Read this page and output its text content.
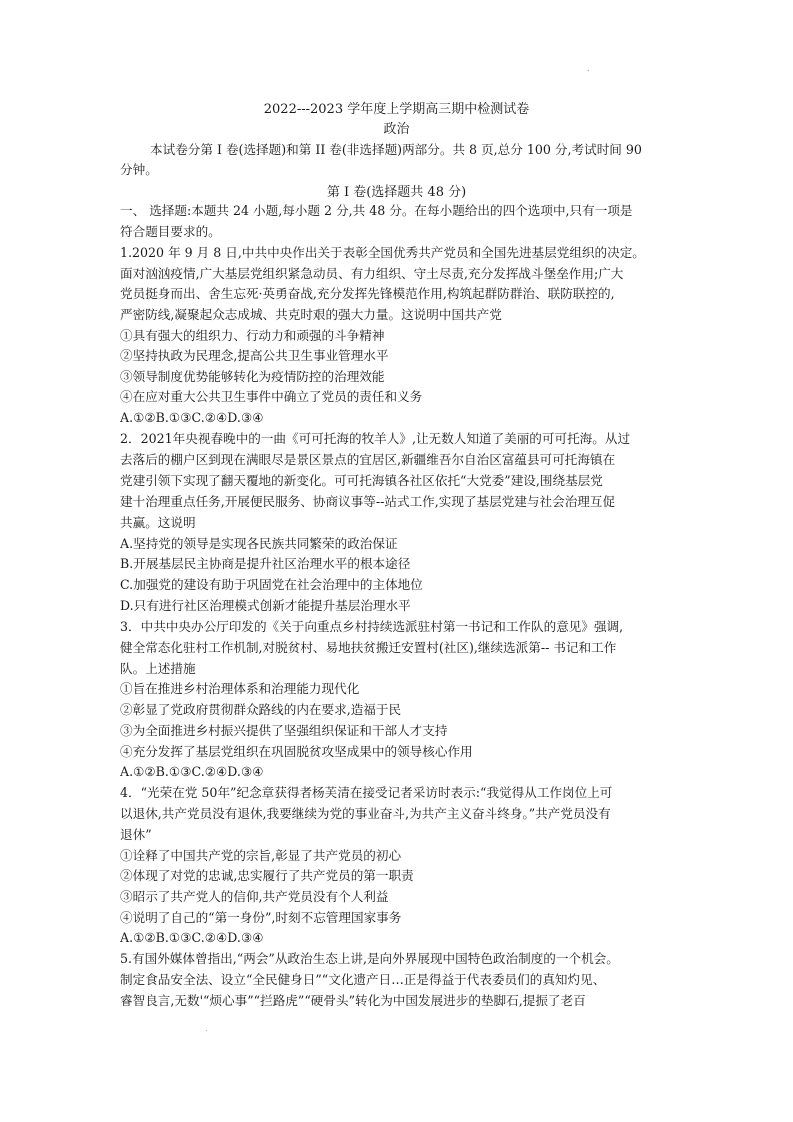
.
2022---2023 学年度上学期高三期中检测试卷
政治
本试卷分第 I 卷(选择题)和第 II 卷(非选择题)两部分。共 8 页,总分 100 分,考试时间 90
分钟。
第 I 卷(选择题共 48 分)
一、 选择题:本题共 24 小题,每小题 2 分,共 48 分。在每小题给出的四个选项中,只有一项是
符合题目要求的。
1.2020 年 9 月 8 日,中共中央作出关于表彰全国优秀共产党员和全国先进基层党组织的决定。
面对汹汹疫情,广大基层党组织紧急动员、有力组织、守土尽责,充分发挥战斗堡垒作用;广大
党员挺身而出、舍生忘死·英勇奋战,充分发挥先锋模范作用,构筑起群防群治、联防联控的,
严密防线,凝聚起众志成城、共克时艰的强大力量。这说明中国共产党
①具有强大的组织力、行动力和顽强的斗争精神
②坚持执政为民理念,提高公共卫生事业管理水平
③领导制度优势能够转化为疫情防控的治理效能
④在应对重大公共卫生事件中确立了党员的责任和义务
A.①②B.①③C.②④D.③④
2．2021年央视春晚中的一曲《可可托海的牧羊人》,让无数人知道了美丽的可可托海。从过
去落后的棚户区到现在满眼尽是景区景点的宜居区,新疆维吾尔自治区富蕴县可可托海镇在
党建引领下实现了翻天覆地的新变化。可可托海镇各社区依托“大党委”建设,围绕基层党
建十治理重点任务,开展便民服务、协商议事等--站式工作,实现了基层党建与社会治理互促
共赢。这说明
A.坚持党的领导是实现各民族共同繁荣的政治保证
B.开展基层民主协商是提升社区治理水平的根本途径
C.加强党的建设有助于巩固党在社会治理中的主体地位
D.只有进行社区治理模式创新才能提升基层治理水平
3．中共中央办公厅印发的《关于向重点乡村持续选派驻村第一书记和工作队的意见》强调,
健全常态化驻村工作机制,对脱贫村、易地扶贫搬迁安置村(社区),继续选派第-- 书记和工作
队。上述措施
①旨在推进乡村治理体系和治理能力现代化
②彰显了党政府贯彻群众路线的内在要求,造福于民
③为全面推进乡村振兴提供了坚强组织保证和干部人才支持
④充分发挥了基层党组织在巩固脱贫攻坚成果中的领导核心作用
A.①②B.①③C.②④D.③④
4．“光荣在党 50年”纪念章获得者杨芙清在接受记者采访时表示:“我觉得从工作岗位上可
以退休,共产党员没有退休,我要继续为党的事业奋斗,为共产主义奋斗终身。”共产党员没有
退休”
①诠释了中国共产党的宗旨,彰显了共产党员的初心
②体现了对党的忠诚,忠实履行了共产党员的第一职责
③昭示了共产党人的信仰,共产党员没有个人利益
④说明了自己的“第一身份”,时刻不忘管理国家事务
A.①②B.①③C.②④D.③④
5.有国外媒体曾指出,“两会”从政治生态上讲,是向外界展现中国特色政治制度的一个机会。
制定食品安全法、设立“全民健身日”“文化遗产日…正是得益于代表委员们的真知灼见、
睿智良言,无数'“烦心事”“拦路虎”“硬骨头”转化为中国发展进步的垫脚石,提振了老百
.
